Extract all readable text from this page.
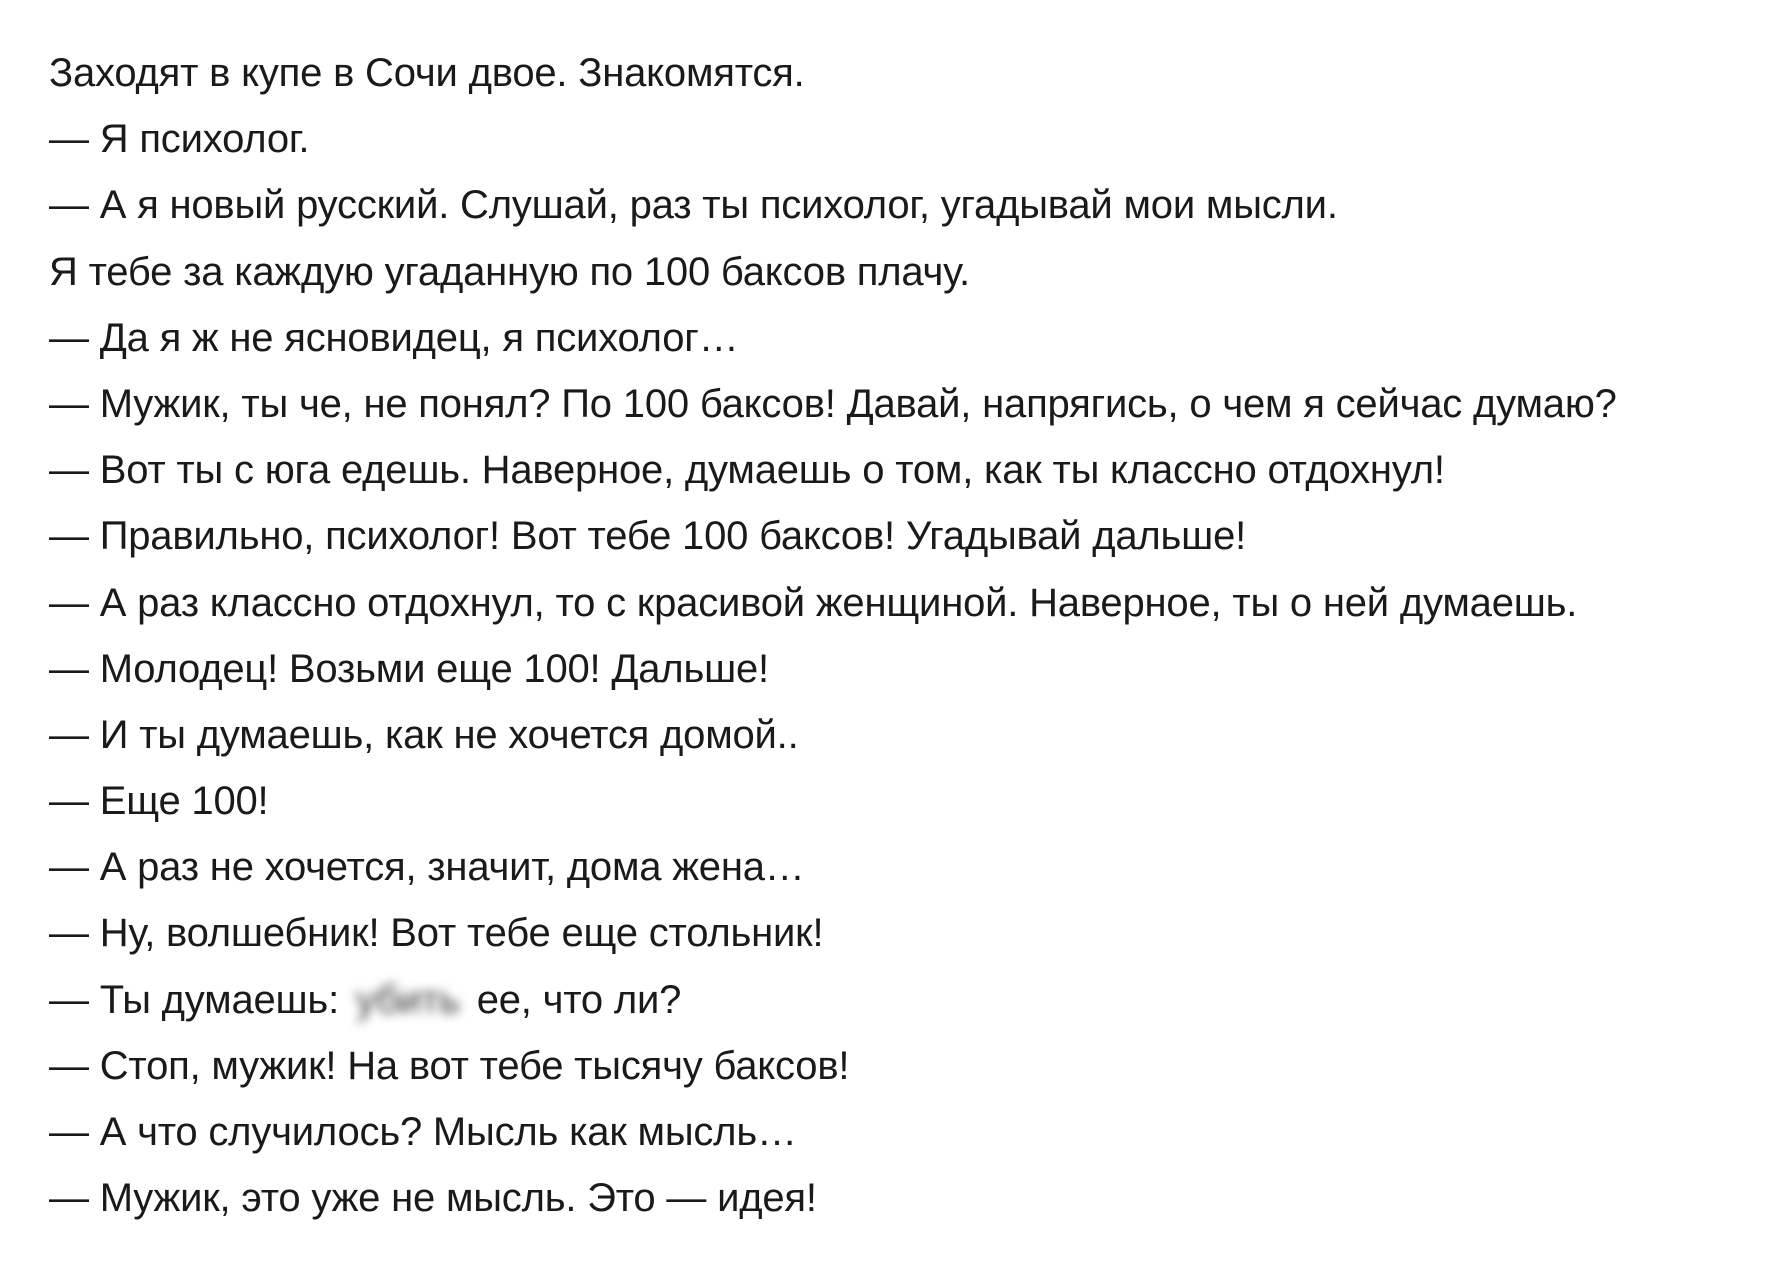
Заходят в купе в Сочи двое. Знакомятся.
— Я психолог.
— А я новый русский. Слушай, раз ты психолог, угадывай мои мысли.
Я тебе за каждую угаданную по 100 баксов плачу.
— Да я ж не ясновидец, я психолог…
— Мужик, ты че, не понял? По 100 баксов! Давай, напрягись, о чем я сейчас думаю?
— Вот ты с юга едешь. Наверное, думаешь о том, как ты классно отдохнул!
— Правильно, психолог! Вот тебе 100 баксов! Угадывай дальше!
— А раз классно отдохнул, то с красивой женщиной. Наверное, ты о ней думаешь.
— Молодец! Возьми еще 100! Дальше!
— И ты думаешь, как не хочется домой..
— Еще 100!
— А раз не хочется, значит, дома жена…
— Ну, волшебник! Вот тебе еще стольник!
— Ты думаешь: убить ее, что ли?
— Стоп, мужик! На вот тебе тысячу баксов!
— А что случилось? Мысль как мысль…
— Мужик, это уже не мысль. Это — идея!
